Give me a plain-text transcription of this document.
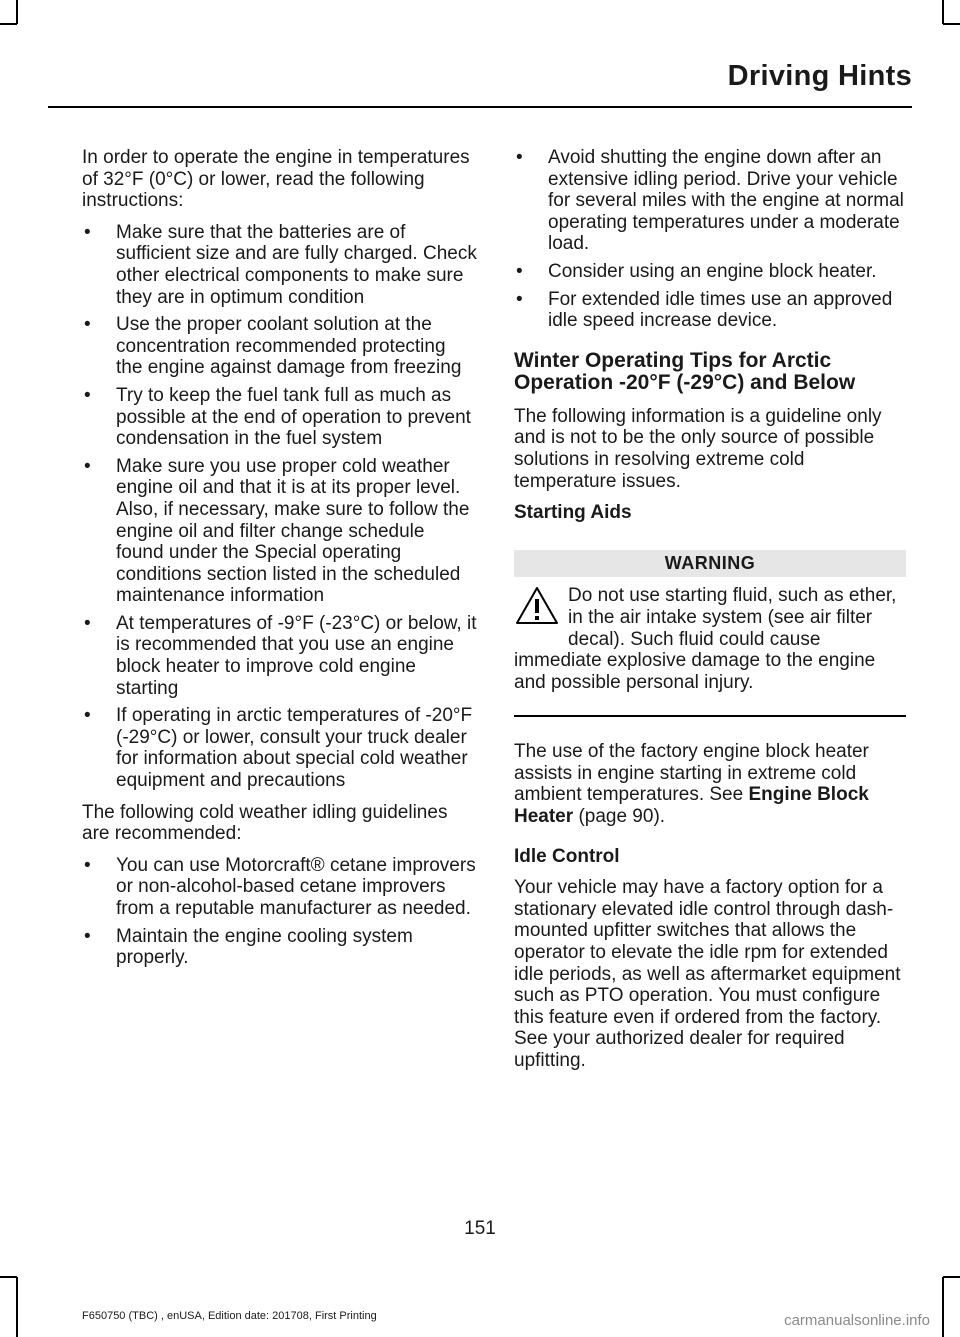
Driving Hints

In order to operate the engine in temperatures of 32°F (0°C) or lower, read the following instructions:

• Make sure that the batteries are of sufficient size and are fully charged. Check other electrical components to make sure they are in optimum condition
• Use the proper coolant solution at the concentration recommended protecting the engine against damage from freezing
• Try to keep the fuel tank full as much as possible at the end of operation to prevent condensation in the fuel system
• Make sure you use proper cold weather engine oil and that it is at its proper level. Also, if necessary, make sure to follow the engine oil and filter change schedule found under the Special operating conditions section listed in the scheduled maintenance information
• At temperatures of -9°F (-23°C) or below, it is recommended that you use an engine block heater to improve cold engine starting
• If operating in arctic temperatures of -20°F (-29°C) or lower, consult your truck dealer for information about special cold weather equipment and precautions

The following cold weather idling guidelines are recommended:

• You can use Motorcraft® cetane improvers or non-alcohol-based cetane improvers from a reputable manufacturer as needed.
• Maintain the engine cooling system properly.
• Avoid shutting the engine down after an extensive idling period. Drive your vehicle for several miles with the engine at normal operating temperatures under a moderate load.
• Consider using an engine block heater.
• For extended idle times use an approved idle speed increase device.
Winter Operating Tips for Arctic Operation -20°F (-29°C) and Below

The following information is a guideline only and is not to be the only source of possible solutions in resolving extreme cold temperature issues.

Starting Aids
WARNING

Do not use starting fluid, such as ether, in the air intake system (see air filter decal). Such fluid could cause immediate explosive damage to the engine and possible personal injury.

The use of the factory engine block heater assists in engine starting in extreme cold ambient temperatures. See Engine Block Heater (page 90).

Idle Control

Your vehicle may have a factory option for a stationary elevated idle control through dash-mounted upfitter switches that allows the operator to elevate the idle rpm for extended idle periods, as well as aftermarket equipment such as PTO operation. You must configure this feature even if ordered from the factory. See your authorized dealer for required upfitting.

151
F650750 (TBC) , enUSA, Edition date: 201708, First Printing	carmanualsonline.info
